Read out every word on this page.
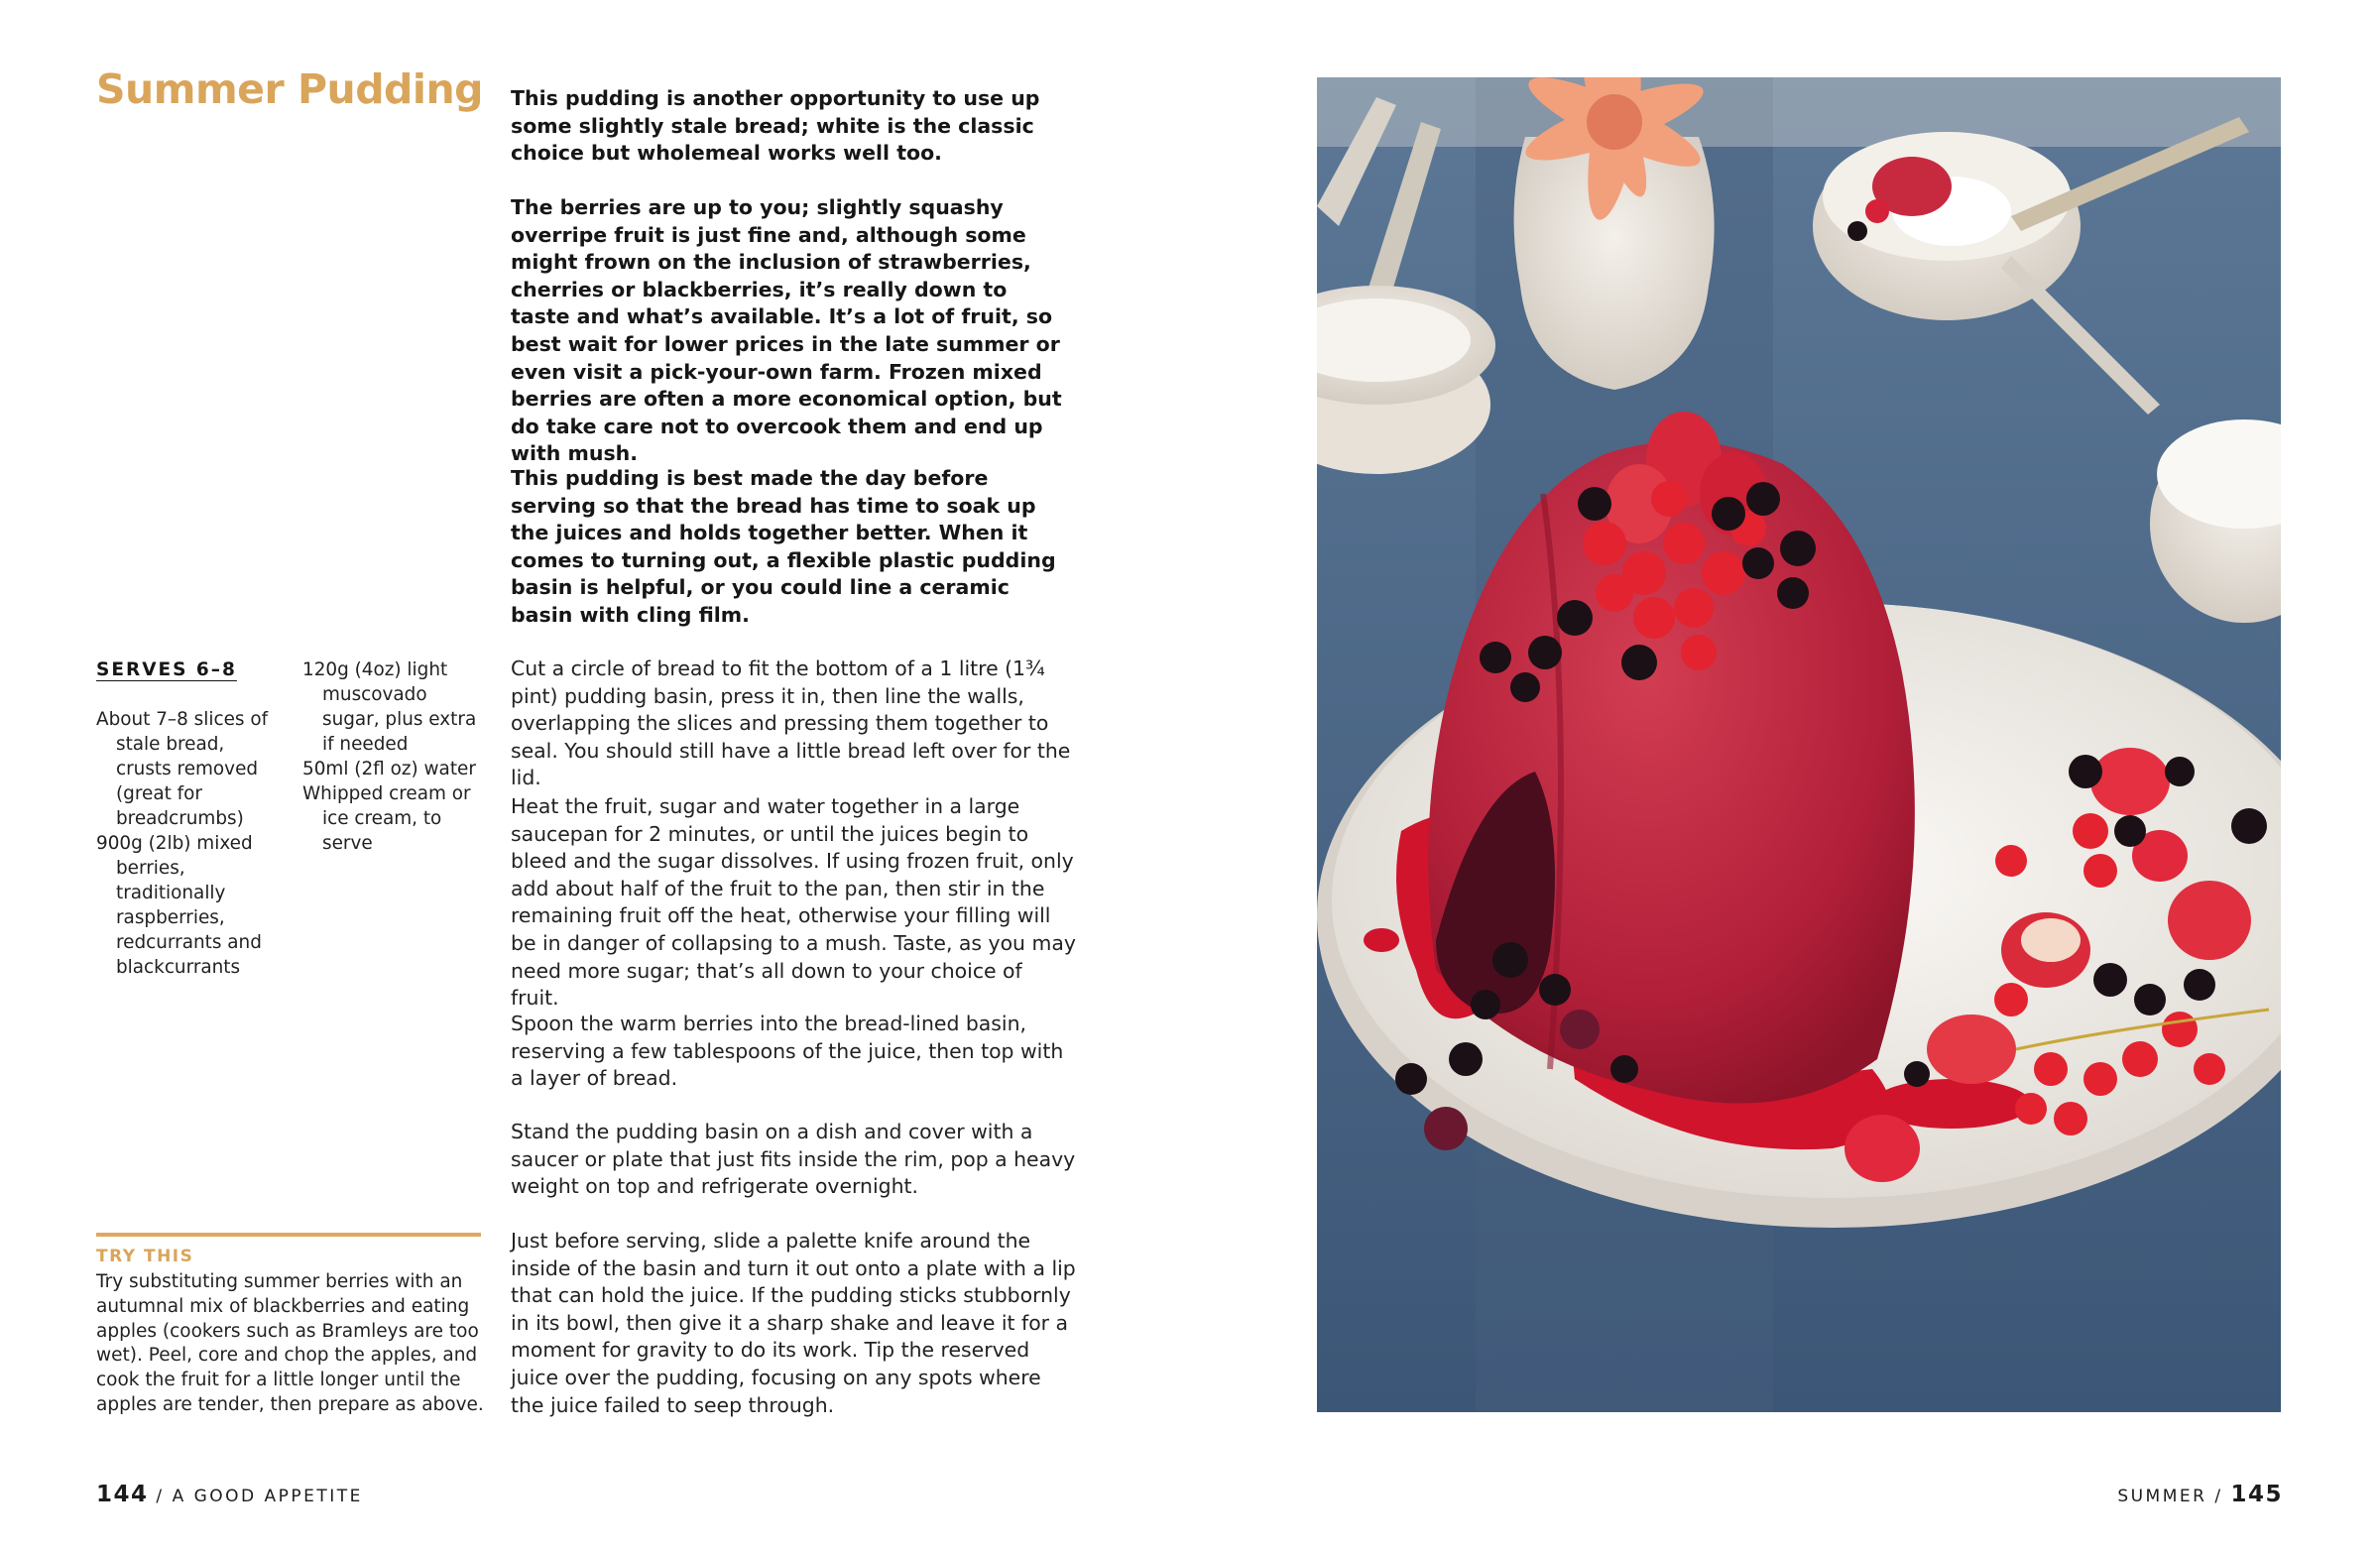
Summer Pudding This pudding is another opportunity to use up some slightly stale bread; white is the classic choice but wholemeal works well too.

The berries are up to you; slightly squashy overripe fruit is just fine and, although some might frown on the inclusion of strawberries, cherries or blackberries, it’s really down to taste and what’s available. It’s a lot of fruit, so best wait for lower prices in the late summer or even visit a pick-your-own farm. Frozen mixed berries are often a more economical option, but do take care not to overcook them and end up with mush.

This pudding is best made the day before serving so that the bread has time to soak up the juices and holds together better. When it comes to turning out, a flexible plastic pudding basin is helpful, or you could line a ceramic basin with cling film.

SERVES 6–8

About 7–8 slices of stale bread, crusts removed (great for breadcrumbs)
900g (2lb) mixed berries, traditionally raspberries, redcurrants and blackcurrants
120g (4oz) light muscovado sugar, plus extra if needed
50ml (2fl oz) water
Whipped cream or ice cream, to serve

Cut a circle of bread to fit the bottom of a 1 litre (1¾ pint) pudding basin, press it in, then line the walls, overlapping the slices and pressing them together to seal. You should still have a little bread left over for the lid.

Heat the fruit, sugar and water together in a large saucepan for 2 minutes, or until the juices begin to bleed and the sugar dissolves. If using frozen fruit, only add about half of the fruit to the pan, then stir in the remaining fruit off the heat, otherwise your filling will be in danger of collapsing to a mush. Taste, as you may need more sugar; that’s all down to your choice of fruit.

Spoon the warm berries into the bread-lined basin, reserving a few tablespoons of the juice, then top with a layer of bread.

Stand the pudding basin on a dish and cover with a saucer or plate that just fits inside the rim, pop a heavy weight on top and refrigerate overnight.

Just before serving, slide a palette knife around the inside of the basin and turn it out onto a plate with a lip that can hold the juice. If the pudding sticks stubbornly in its bowl, then give it a sharp shake and leave it for a moment for gravity to do its work. Tip the reserved juice over the pudding, focusing on any spots where the juice failed to seep through.

TRY THIS

Try substituting summer berries with an autumnal mix of blackberries and eating apples (cookers such as Bramleys are too wet). Peel, core and chop the apples, and cook the fruit for a little longer until the apples are tender, then prepare as above.

144 / A GOOD APPETITE	SUMMER / 145
